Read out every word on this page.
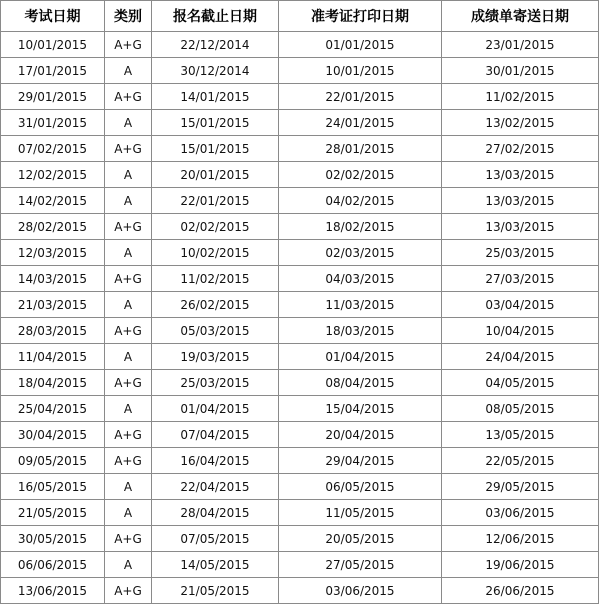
考试日期	类别	报名截止日期	准考证打印日期	成绩单寄送日期
10/01/2015	A+G	22/12/2014	01/01/2015	23/01/2015
17/01/2015	A	30/12/2014	10/01/2015	30/01/2015
29/01/2015	A+G	14/01/2015	22/01/2015	11/02/2015
31/01/2015	A	15/01/2015	24/01/2015	13/02/2015
07/02/2015	A+G	15/01/2015	28/01/2015	27/02/2015
12/02/2015	A	20/01/2015	02/02/2015	13/03/2015
14/02/2015	A	22/01/2015	04/02/2015	13/03/2015
28/02/2015	A+G	02/02/2015	18/02/2015	13/03/2015
12/03/2015	A	10/02/2015	02/03/2015	25/03/2015
14/03/2015	A+G	11/02/2015	04/03/2015	27/03/2015
21/03/2015	A	26/02/2015	11/03/2015	03/04/2015
28/03/2015	A+G	05/03/2015	18/03/2015	10/04/2015
11/04/2015	A	19/03/2015	01/04/2015	24/04/2015
18/04/2015	A+G	25/03/2015	08/04/2015	04/05/2015
25/04/2015	A	01/04/2015	15/04/2015	08/05/2015
30/04/2015	A+G	07/04/2015	20/04/2015	13/05/2015
09/05/2015	A+G	16/04/2015	29/04/2015	22/05/2015
16/05/2015	A	22/04/2015	06/05/2015	29/05/2015
21/05/2015	A	28/04/2015	11/05/2015	03/06/2015
30/05/2015	A+G	07/05/2015	20/05/2015	12/06/2015
06/06/2015	A	14/05/2015	27/05/2015	19/06/2015
13/06/2015	A+G	21/05/2015	03/06/2015	26/06/2015
